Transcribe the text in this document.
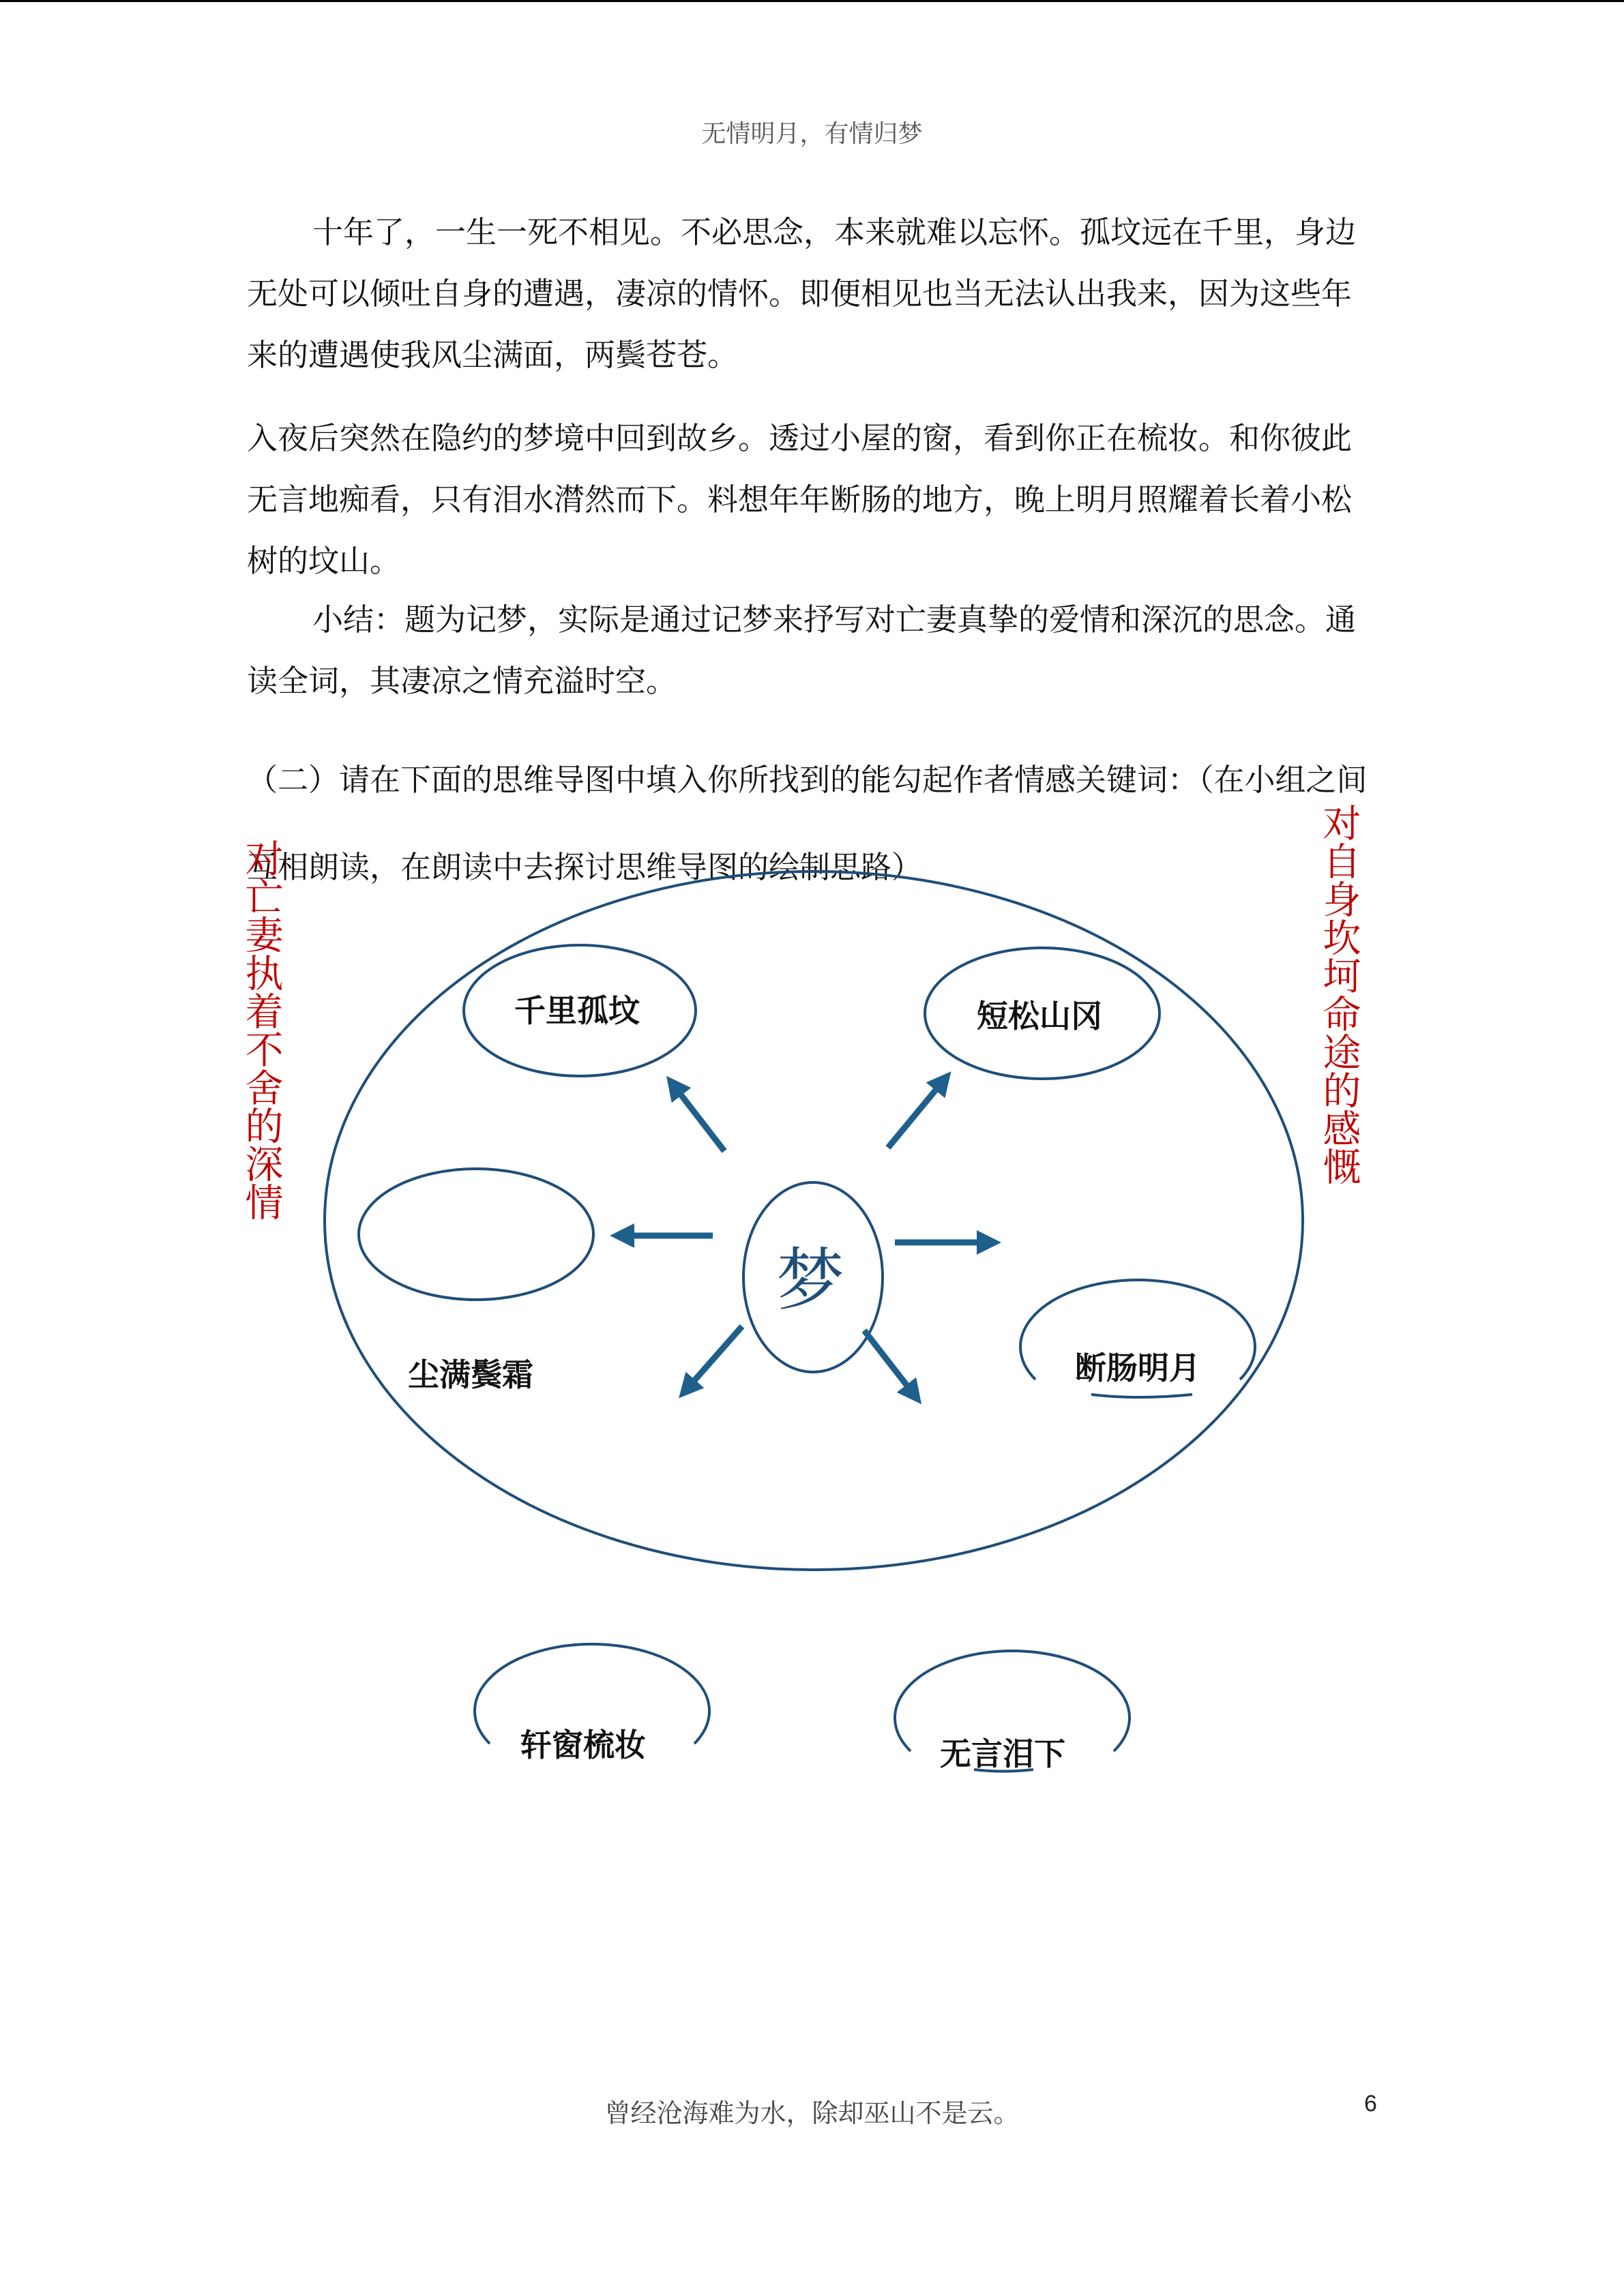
无情明月，有情归梦

十年了，一生一死不相见。不必思念，本来就难以忘怀。孤坟远在千里，身边无处可以倾吐自身的遭遇，凄凉的情怀。即便相见也当无法认出我来，因为这些年来的遭遇使我风尘满面，两鬓苍苍。

入夜后突然在隐约的梦境中回到故乡。透过小屋的窗，看到你正在梳妆。和你彼此无言地痴看，只有泪水潸然而下。料想年年断肠的地方，晚上明月照耀着长着小松树的坟山。

小结：题为记梦，实际是通过记梦来抒写对亡妻真挚的爱情和深沉的思念。通读全词，其凄凉之情充溢时空。

（二）请在下面的思维导图中填入你所找到的能勾起作者情感关键词：（在小组之间互相朗读，在朗读中去探讨思维导图的绘制思路）

梦
千里孤坟	短松山冈
尘满鬓霜	断肠明月
轩窗梳妆	无言泪下
对亡妻执着不舍的深情	对自身坎坷命途的感慨
曾经沧海难为水，除却巫山不是云。	6
